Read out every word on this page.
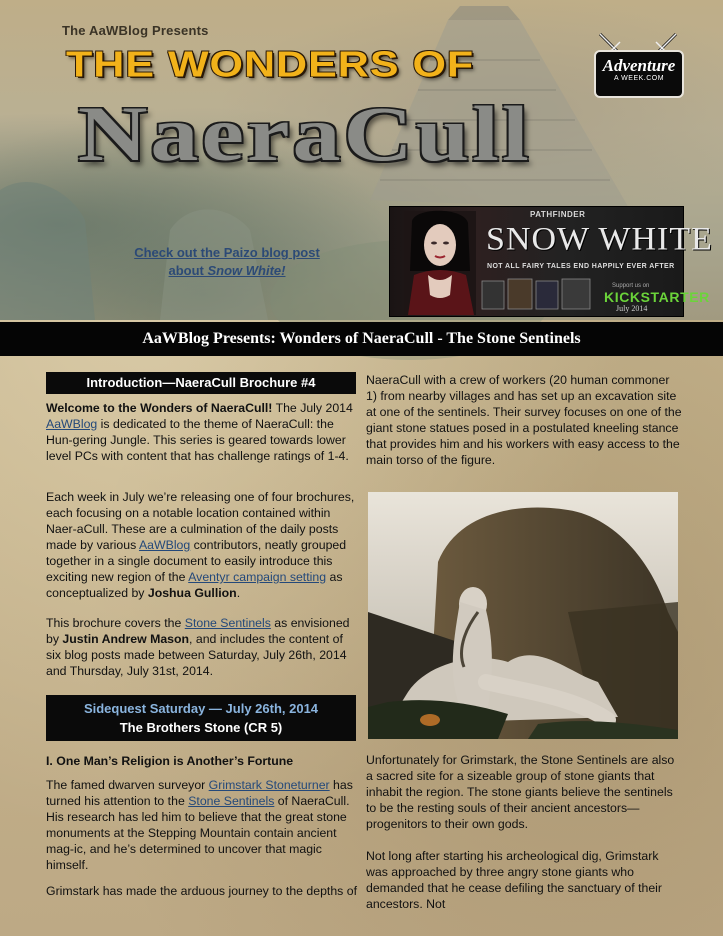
The AaWBlog Presents
THE WONDERS OF
NaeraCull
Adventure
A WEEK.COM
Check out the Paizo blog post
about Snow White!
PATHFINDER
SNOW WHITE
NOT ALL FAIRY TALES END HAPPILY EVER AFTER
Support us on
KICKSTARTER
July 2014
AaWBlog Presents: Wonders of NaeraCull - The Stone Sentinels
Introduction—NaeraCull Brochure #4

Welcome to the Wonders of NaeraCull! The July 2014 AaWBlog is dedicated to the theme of NaeraCull: the Hun-gering Jungle. This series is geared towards lower level PCs with content that has challenge ratings of 1-4.

Each week in July we’re releasing one of four brochures, each focusing on a notable location contained within Naer-aCull. These are a culmination of the daily posts made by various AaWBlog contributors, neatly grouped together in a single document to easily introduce this exciting new region of the Aventyr campaign setting as conceptualized by Joshua Gullion.

This brochure covers the Stone Sentinels as envisioned by Justin Andrew Mason, and includes the content of six blog posts made between Saturday, July 26th, 2014 and Thursday, July 31st, 2014.

Sidequest Saturday — July 26th, 2014
The Brothers Stone (CR 5)

I. One Man’s Religion is Another’s Fortune

The famed dwarven surveyor Grimstark Stoneturner has turned his attention to the Stone Sentinels of NaeraCull. His research has led him to believe that the great stone monuments at the Stepping Mountain contain ancient mag-ic, and he’s determined to uncover that magic himself.

Grimstark has made the arduous journey to the depths of

NaeraCull with a crew of workers (20 human commoner 1) from nearby villages and has set up an excavation site at one of the sentinels. Their survey focuses on one of the giant stone statues posed in a postulated kneeling stance that provides him and his workers with easy access to the main torso of the figure.

Unfortunately for Grimstark, the Stone Sentinels are also a sacred site for a sizeable group of stone giants that inhabit the region. The stone giants believe the sentinels to be the resting souls of their ancient ancestors—progenitors to their own gods.

Not long after starting his archeological dig, Grimstark was approached by three angry stone giants who demanded that he cease defiling the sanctuary of their ancestors. Not
